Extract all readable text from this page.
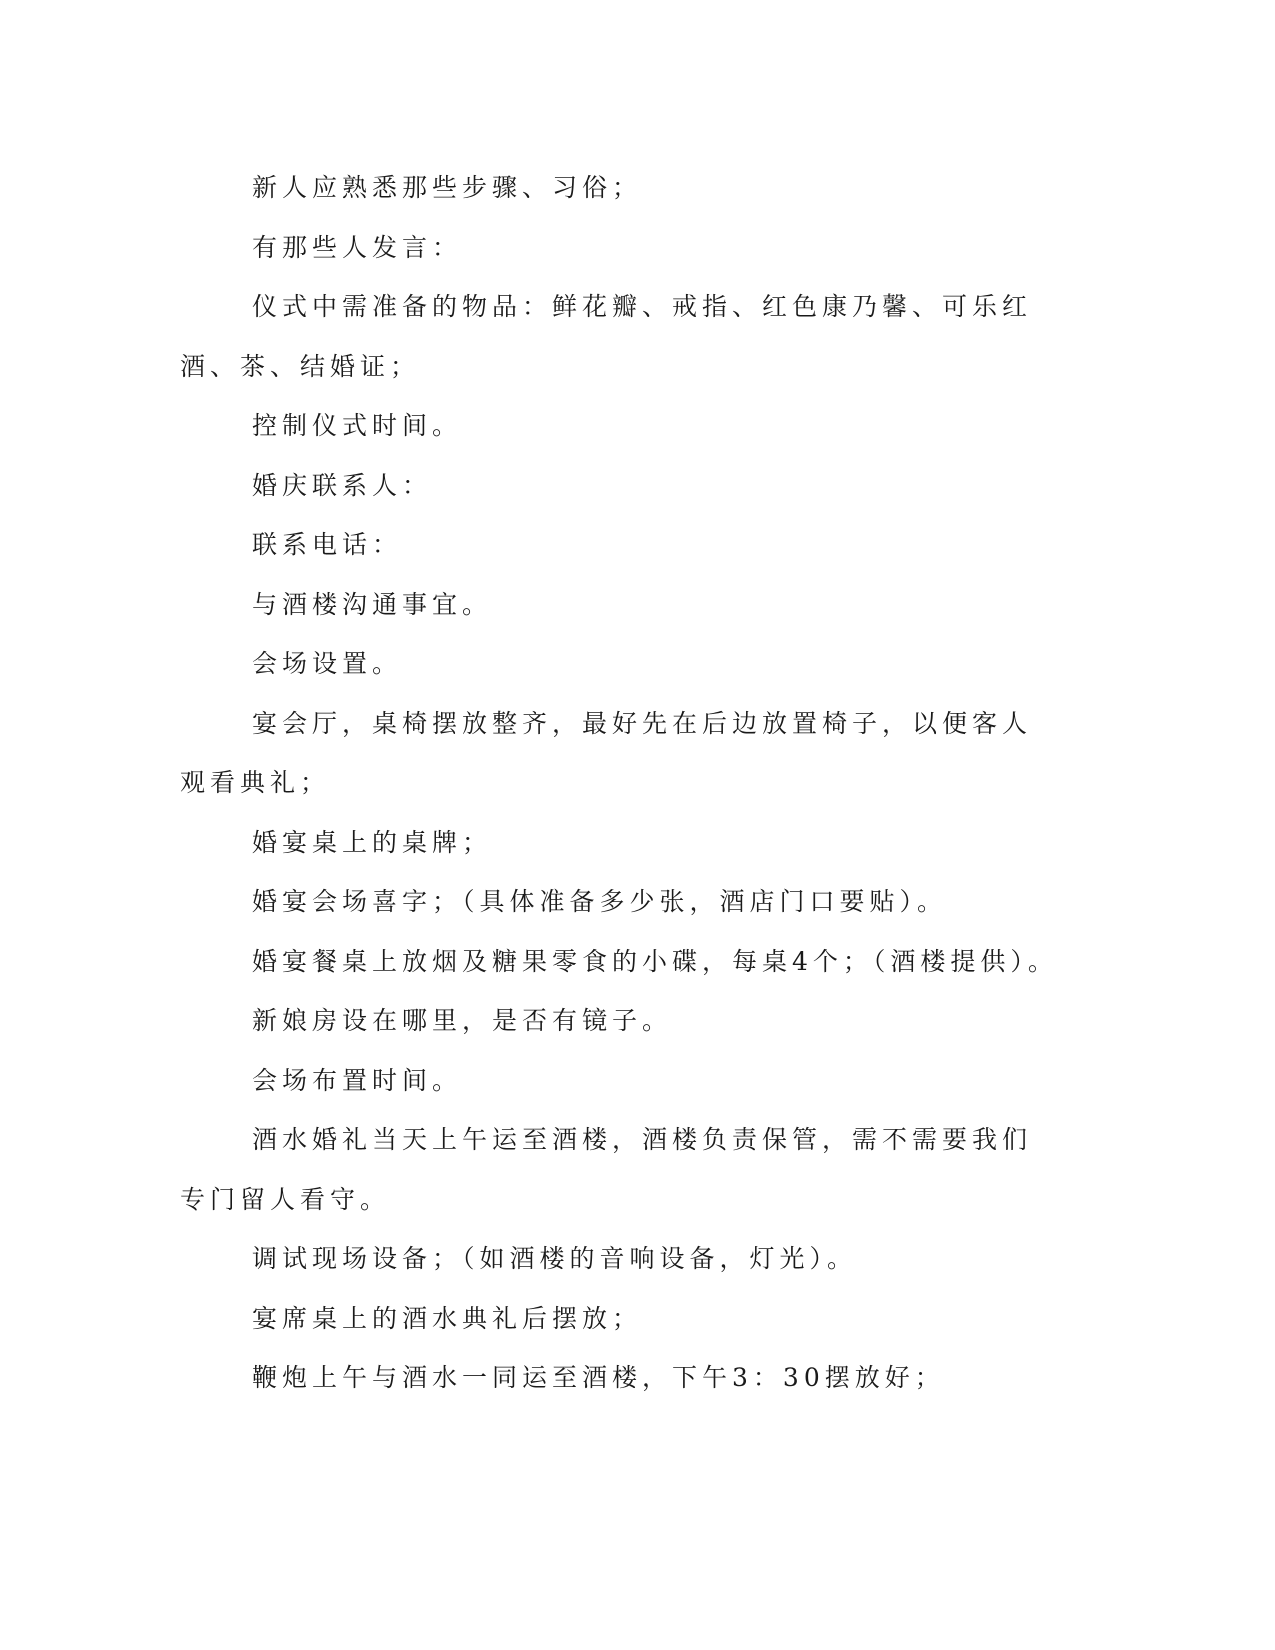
新人应熟悉那些步骤、习俗；

有那些人发言：

仪式中需准备的物品：鲜花瓣、戒指、红色康乃馨、可乐红酒、茶、结婚证；

控制仪式时间。

婚庆联系人：

联系电话：

与酒楼沟通事宜。

会场设置。

宴会厅，桌椅摆放整齐，最好先在后边放置椅子，以便客人观看典礼；

婚宴桌上的桌牌；

婚宴会场喜字；（具体准备多少张，酒店门口要贴）。

婚宴餐桌上放烟及糖果零食的小碟，每桌4个；（酒楼提供）。

新娘房设在哪里，是否有镜子。

会场布置时间。

酒水婚礼当天上午运至酒楼，酒楼负责保管，需不需要我们专门留人看守。

调试现场设备；（如酒楼的音响设备，灯光）。

宴席桌上的酒水典礼后摆放；

鞭炮上午与酒水一同运至酒楼，下午3：30摆放好；
